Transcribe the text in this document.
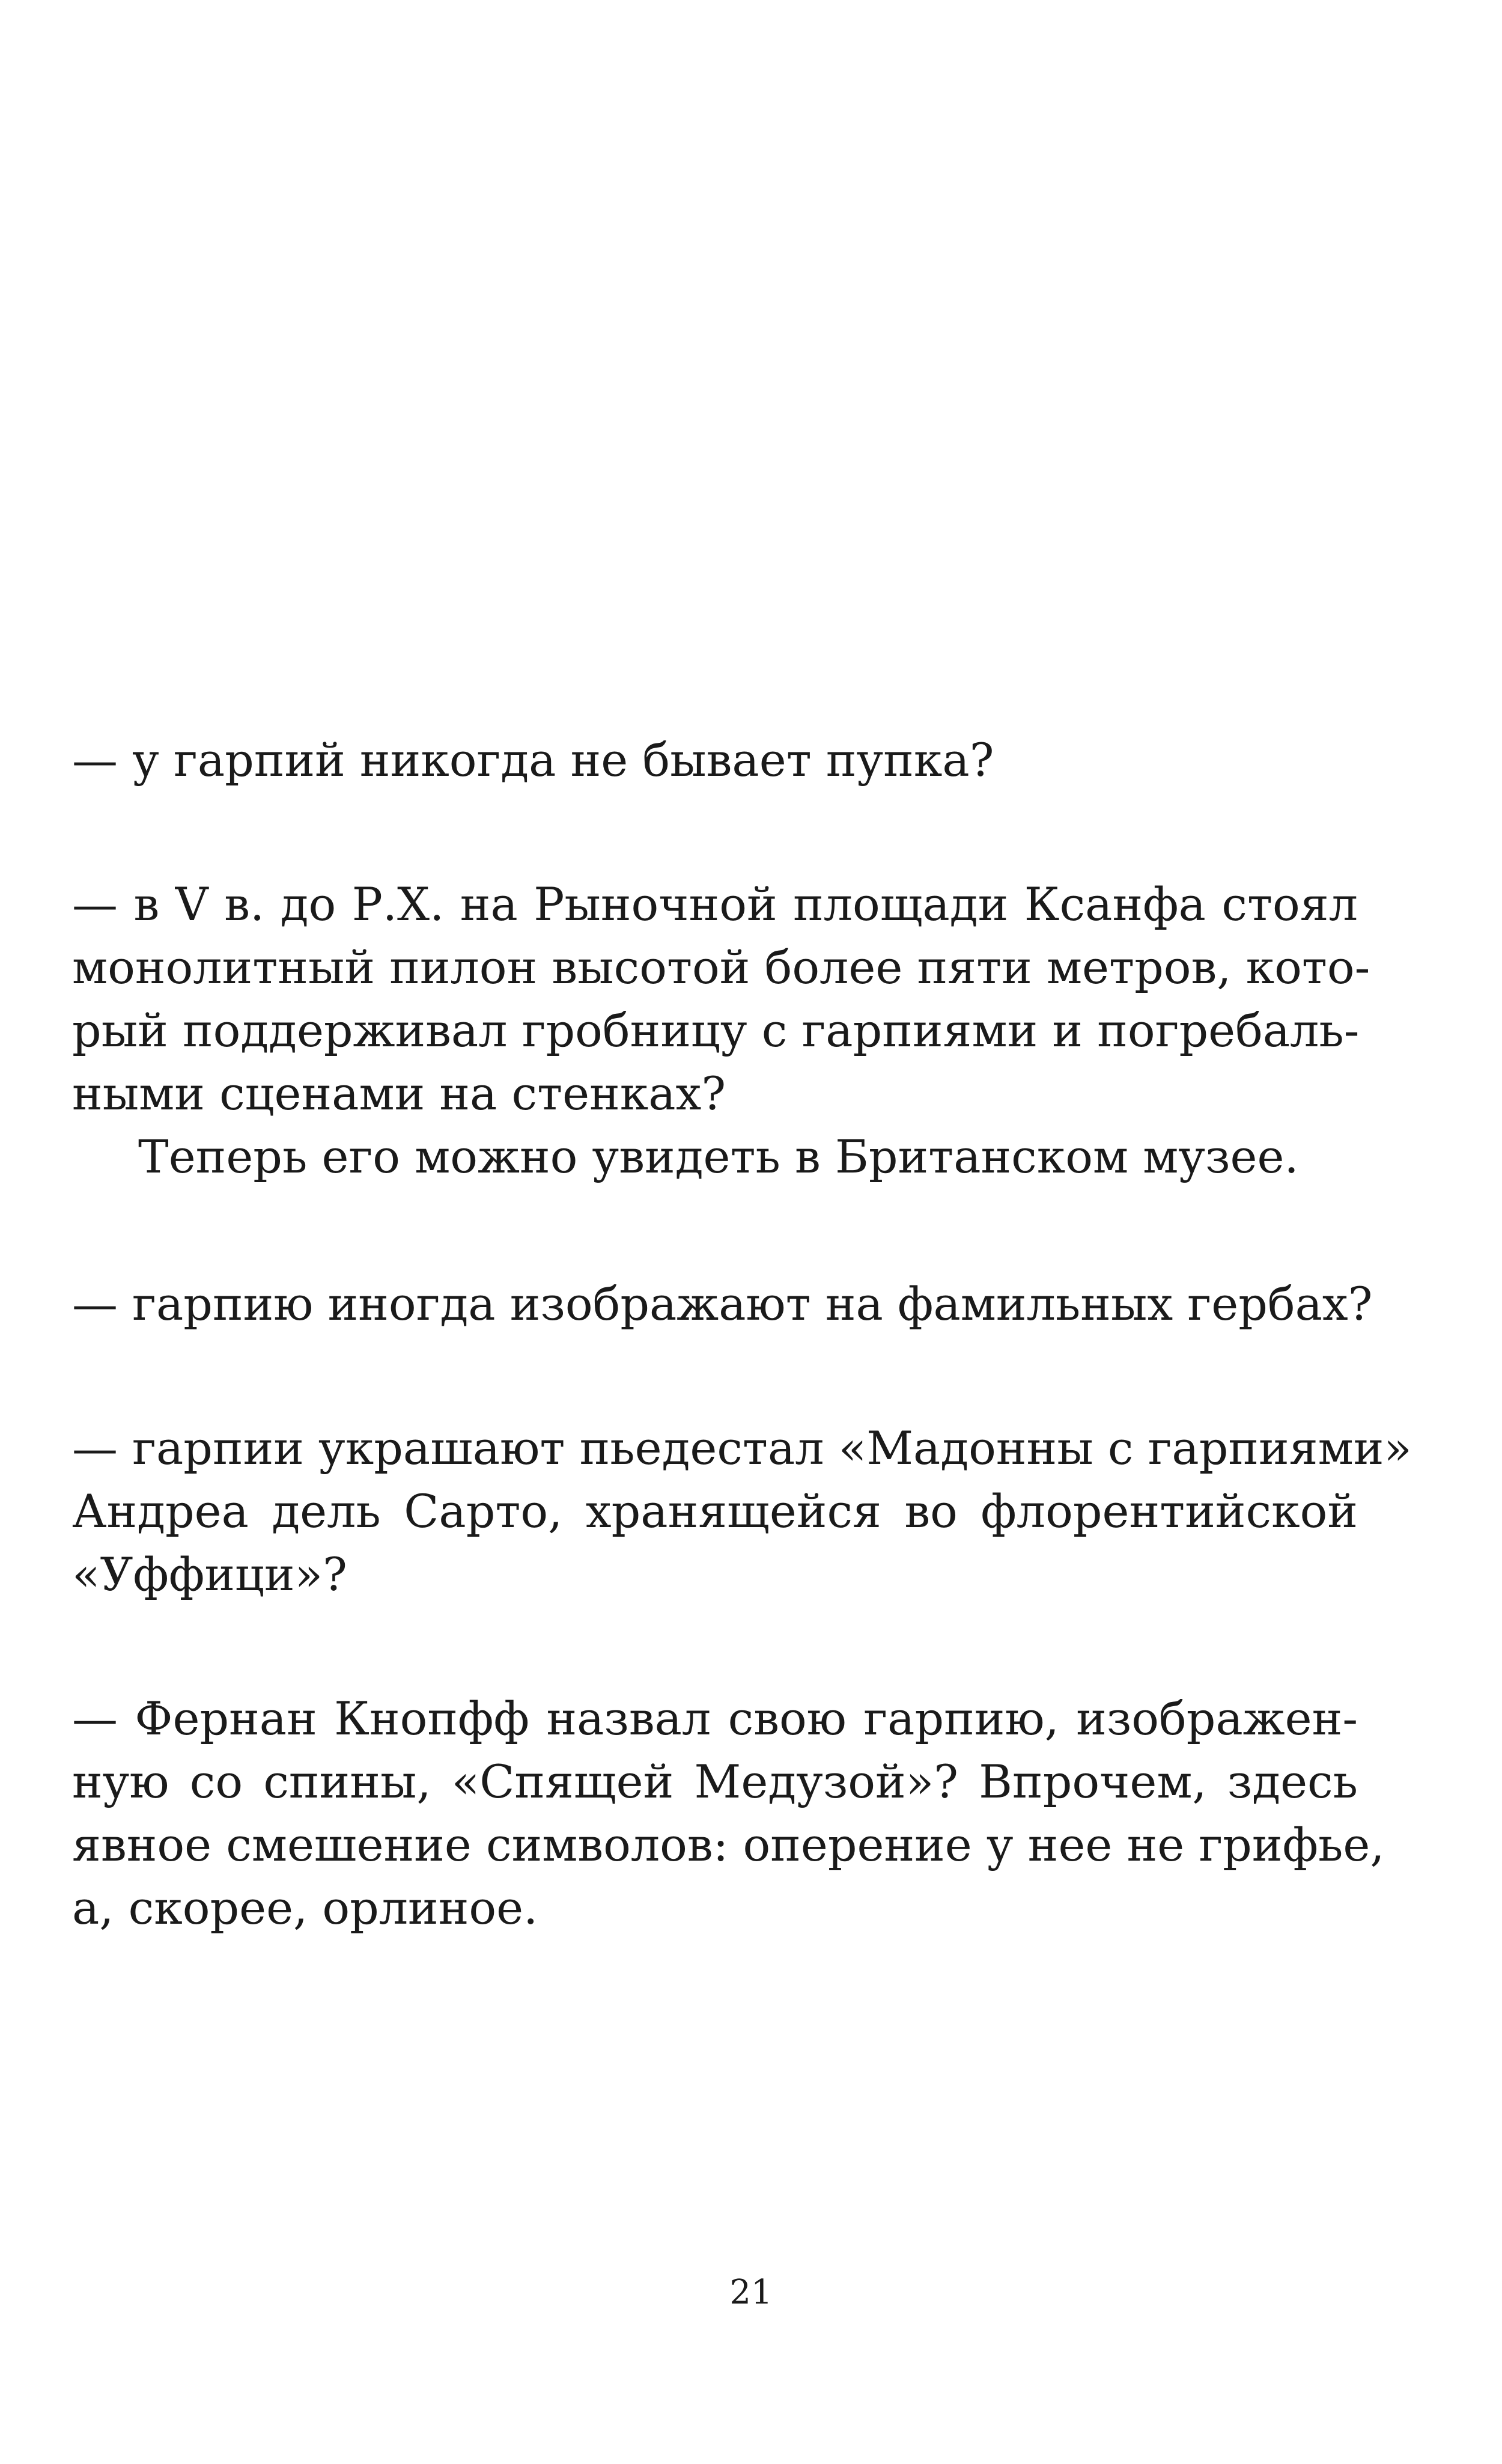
— у гарпий никогда не бывает пупка?
— в V в. до Р.Х. на Рыночной площади Ксанфа стоял
монолитный пилон высотой более пяти метров, кото-
рый поддерживал гробницу с гарпиями и погребаль-
ными сценами на стенках?
Теперь его можно увидеть в Британском музее.
— гарпию иногда изображают на фамильных гербах?
— гарпии украшают пьедестал «Мадонны с гарпиями»
Андреа дель Сарто, хранящейся во флорентийской
«Уффици»?
— Фернан Кнопфф назвал свою гарпию, изображен-
ную со спины, «Спящей Медузой»? Впрочем, здесь
явное смешение символов: оперение у нее не грифье,
а, скорее, орлиное.
21
